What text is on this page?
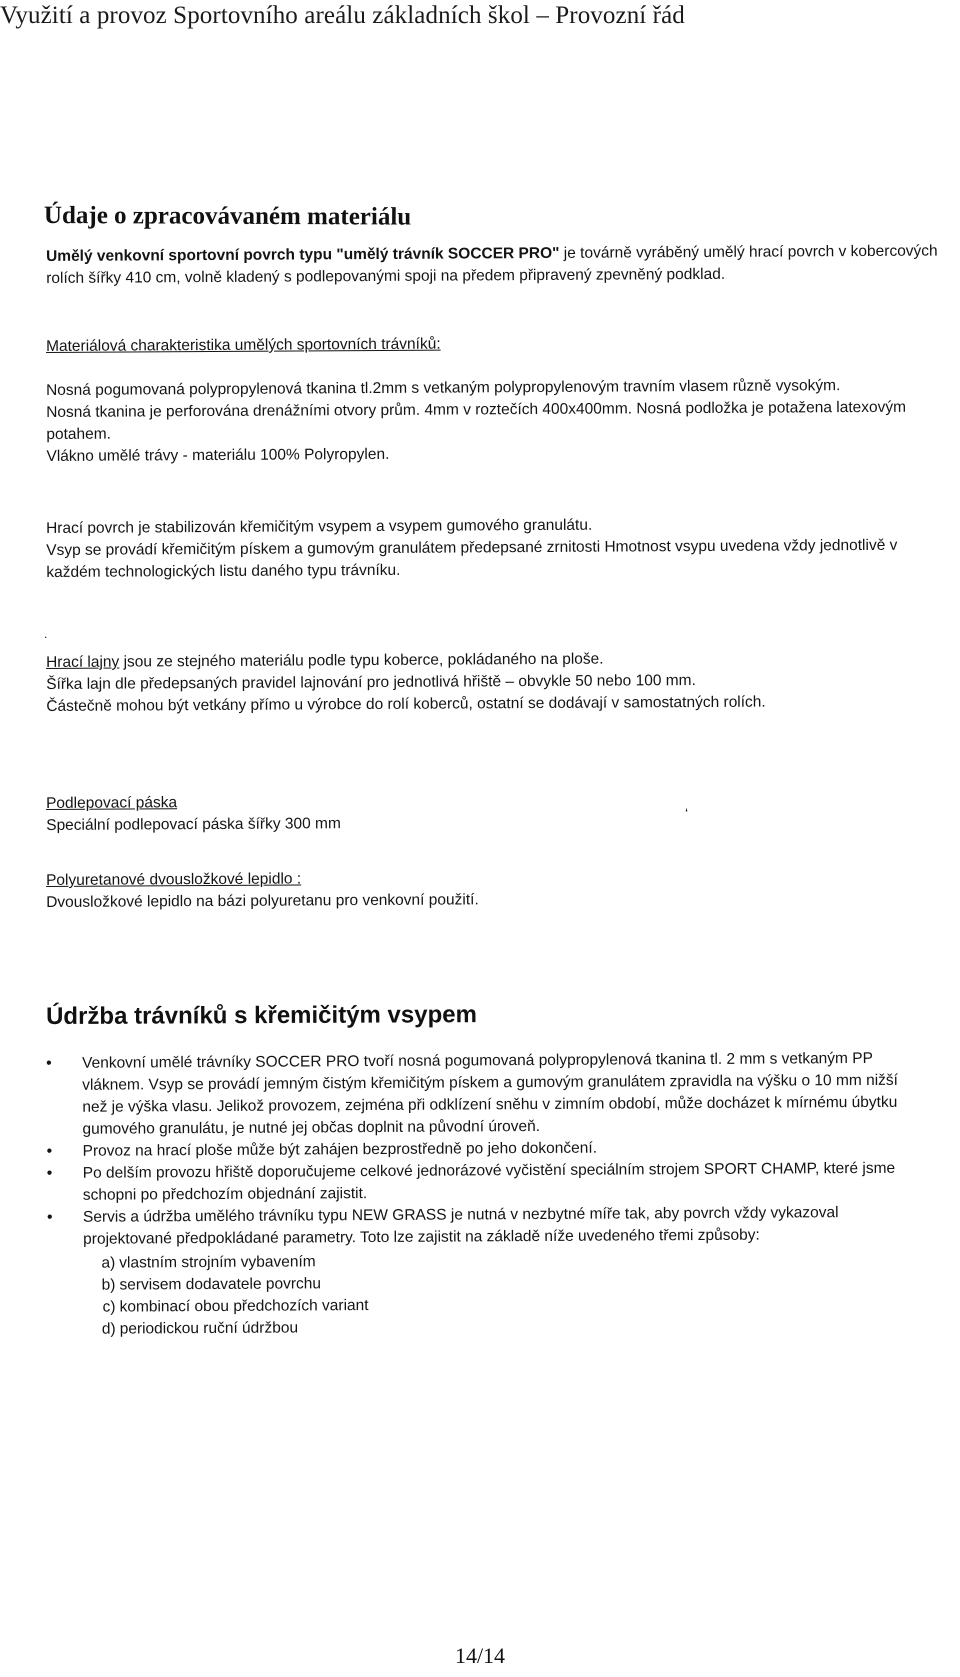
Využití a provoz Sportovního areálu základních škol – Provozní řád
Údaje o zpracovávaném materiálu

Umělý venkovní sportovní povrch typu "umělý trávník SOCCER PRO" je továrně vyráběný umělý hrací povrch v kobercových rolích šířky 410 cm, volně kladený s podlepovanými spoji na předem připravený zpevněný podklad.

Materiálová charakteristika umělých sportovních trávníků:

Nosná pogumovaná polypropylenová tkanina tl.2mm s vetkaným polypropylenovým travním vlasem různě vysokým.

Nosná tkanina je perforována drenážními otvory prům. 4mm v roztečích 400x400mm. Nosná podložka je potažena latexovým potahem.

Vlákno umělé trávy - materiálu 100% Polyropylen.

Hrací povrch je stabilizován křemičitým vsypem a vsypem gumového granulátu.

Vsyp se provádí křemičitým pískem a gumovým granulátem předepsané zrnitosti Hmotnost vsypu uvedena vždy jednotlivě v každém technologických listu daného typu trávníku.

.

Hrací lajny jsou ze stejného materiálu podle typu koberce, pokládaného na ploše.

Šířka lajn dle předepsaných pravidel lajnování pro jednotlivá hřiště – obvykle 50 nebo 100 mm.

Částečně mohou být vetkány přímo u výrobce do rolí koberců, ostatní se dodávají v samostatných rolích.

Podlepovací páska

Speciální podlepovací páska šířky 300 mm

‘

Polyuretanové dvousložkové lepidlo :

Dvousložkové lepidlo na bázi polyuretanu pro venkovní použití.

Údržba trávníků s křemičitým vsypem
• Venkovní umělé trávníky SOCCER PRO tvoří nosná pogumovaná polypropylenová tkanina tl. 2 mm s vetkaným PP vláknem. Vsyp se provádí jemným čistým křemičitým pískem a gumovým granulátem zpravidla na výšku o 10 mm nižší než je výška vlasu. Jelikož provozem, zejména při odklízení sněhu v zimním období, může docházet k mírnému úbytku gumového granulátu, je nutné jej občas doplnit na původní úroveň.
• Provoz na hrací ploše může být zahájen bezprostředně po jeho dokončení.
• Po delším provozu hřiště doporučujeme celkové jednorázové vyčistění speciálním strojem SPORT CHAMP, které jsme schopni po předchozím objednání zajistit.
• Servis a údržba umělého trávníku typu NEW GRASS je nutná v nezbytné míře tak, aby povrch vždy vykazoval projektované předpokládané parametry. Toto lze zajistit na základě níže uvedeného třemi způsoby:
a) vlastním strojním vybavením
b) servisem dodavatele povrchu
c) kombinací obou předchozích variant
d) periodickou ruční údržbou
14/14
